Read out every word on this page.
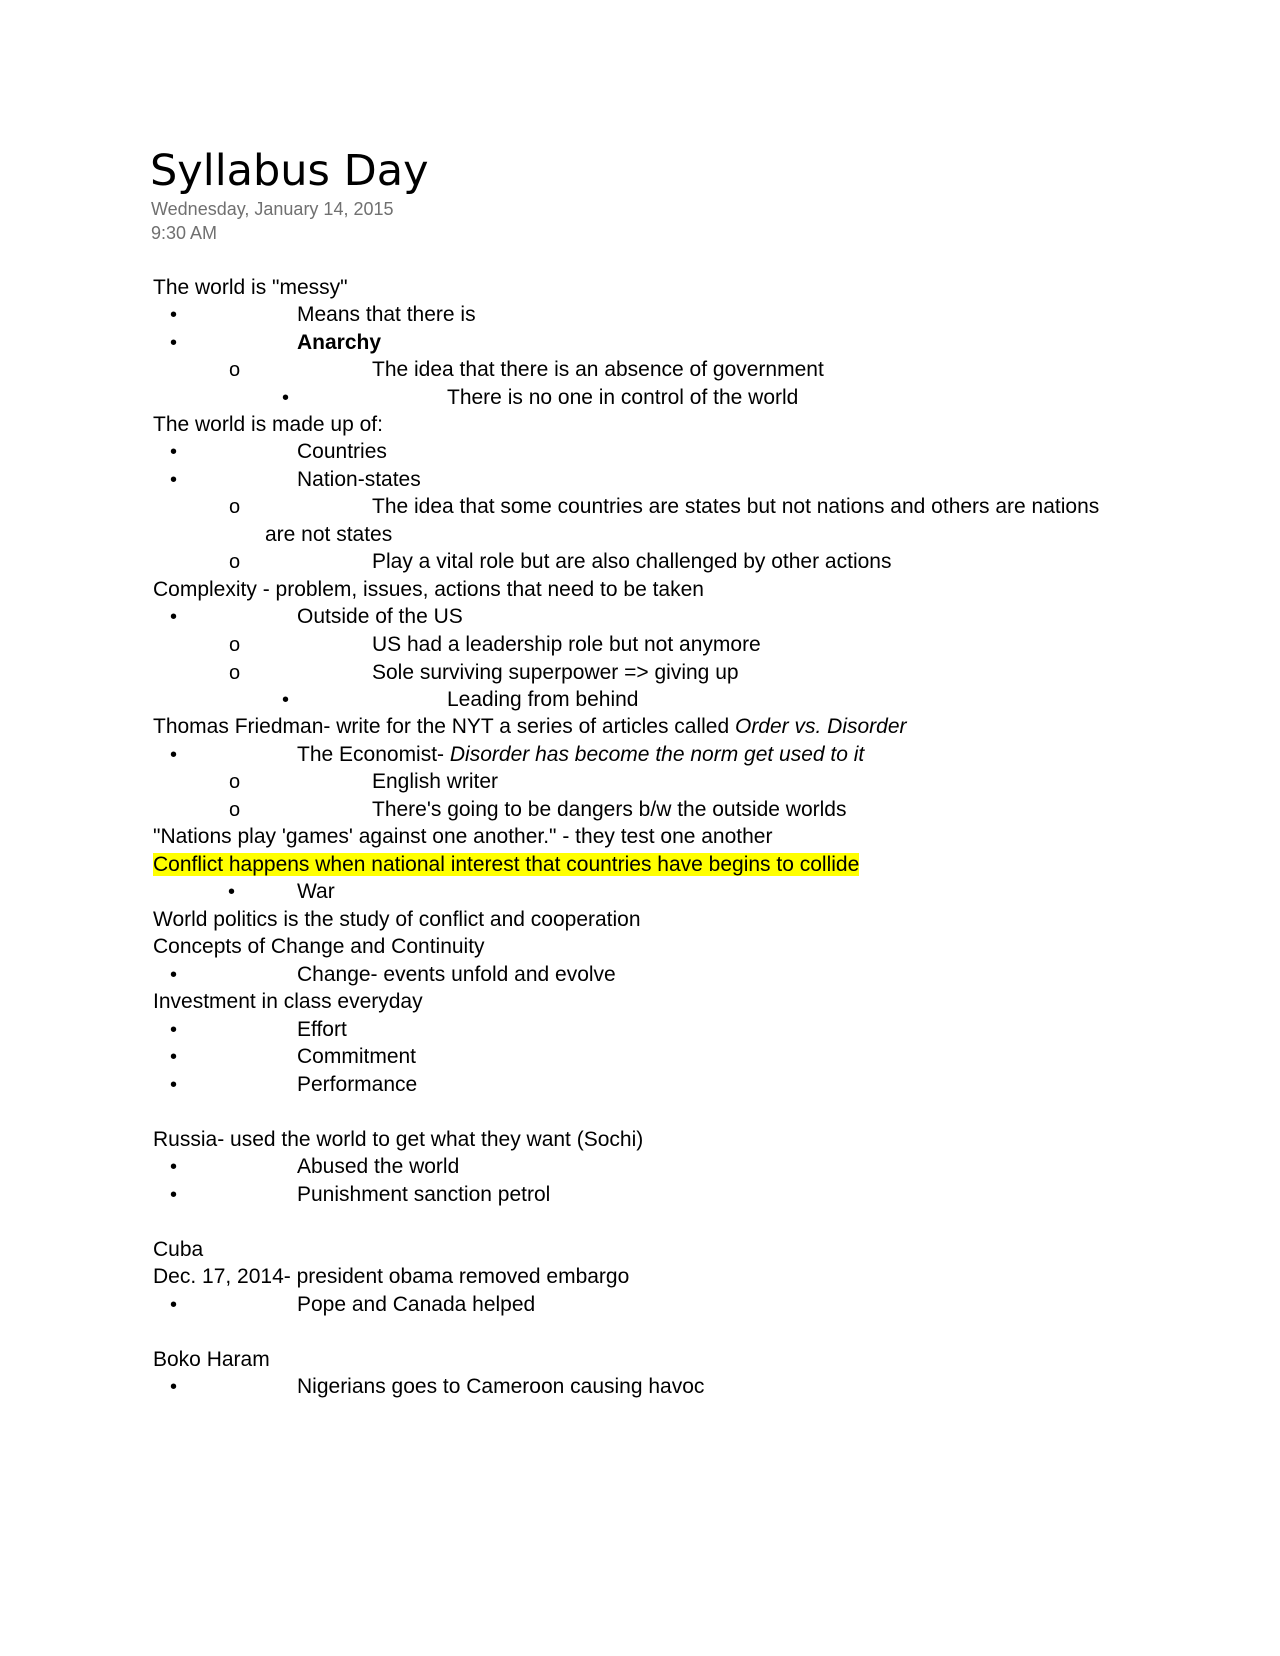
Syllabus Day
Wednesday, January 14, 2015
9:30 AM
The world is "messy"
•	Means that there is
•	Anarchy
o	The idea that there is an absence of government
•	There is no one in control of the world
The world is made up of:
•	Countries
•	Nation-states
o	The idea that some countries are states but not nations and others are nations
are not states
o	Play a vital role but are also challenged by other actions
Complexity - problem, issues, actions that need to be taken
•	Outside of the US
o	US had a leadership role but not anymore
o	Sole surviving superpower => giving up
•	Leading from behind
Thomas Friedman- write for the NYT a series of articles called Order vs. Disorder
•	The Economist- Disorder has become the norm get used to it
o	English writer
o	There's going to be dangers b/w the outside worlds
"Nations play 'games' against one another." - they test one another
Conflict happens when national interest that countries have begins to collide
•	War
World politics is the study of conflict and cooperation
Concepts of Change and Continuity
•	Change- events unfold and evolve
Investment in class everyday
•	Effort
•	Commitment
•	Performance
Russia- used the world to get what they want (Sochi)
•	Abused the world
•	Punishment sanction petrol
Cuba
Dec. 17, 2014- president obama removed embargo
•	Pope and Canada helped
Boko Haram
•	Nigerians goes to Cameroon causing havoc
